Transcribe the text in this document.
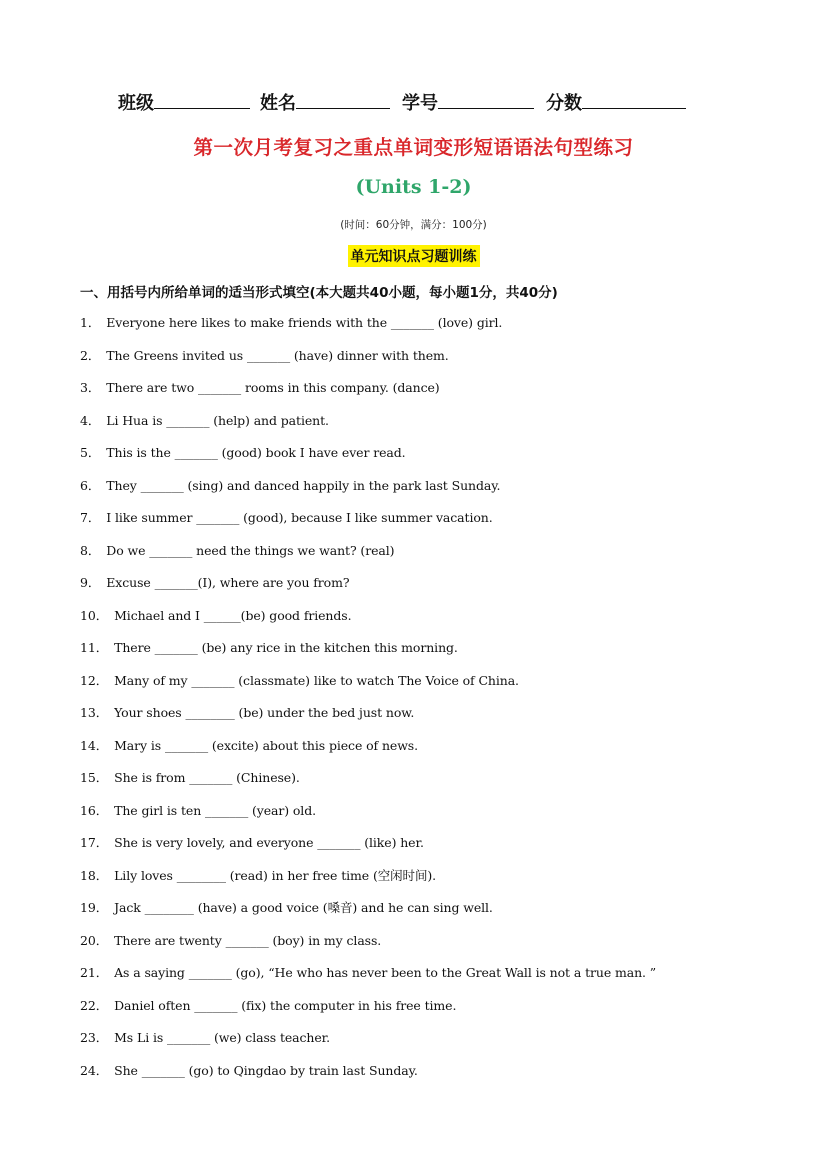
班级	姓名	学号	分数
第一次月考复习之重点单词变形短语语法句型练习
(Units 1-2)
(时间：60分钟，满分：100分)
单元知识点习题训练
一、用括号内所给单词的适当形式填空(本大题共40小题，每小题1分，共40分)
1． Everyone here likes to make friends with the _______ (love) girl.
2． The Greens invited us _______ (have) dinner with them.
3． There are two _______ rooms in this company. (dance)
4． Li Hua is _______ (help) and patient.
5． This is the _______ (good) book I have ever read.
6． They _______ (sing) and danced happily in the park last Sunday.
7． I like summer _______ (good), because I like summer vacation.
8． Do we _______ need the things we want? (real)
9． Excuse _______(I), where are you from?
10． Michael and I ______(be) good friends.
11． There _______ (be) any rice in the kitchen this morning.
12． Many of my _______ (classmate) like to watch The Voice of China.
13． Your shoes ________ (be) under the bed just now.
14． Mary is _______ (excite) about this piece of news.
15． She is from _______ (Chinese).
16． The girl is ten _______ (year) old.
17． She is very lovely, and everyone _______ (like) her.
18． Lily loves ________ (read) in her free time (空闲时间).
19． Jack ________ (have) a good voice (嗓音) and he can sing well.
20． There are twenty _______ (boy) in my class.
21． As a saying _______ (go), “He who has never been to the Great Wall is not a true man. ”
22． Daniel often _______ (fix) the computer in his free time.
23． Ms Li is _______ (we) class teacher.
24． She _______ (go) to Qingdao by train last Sunday.
